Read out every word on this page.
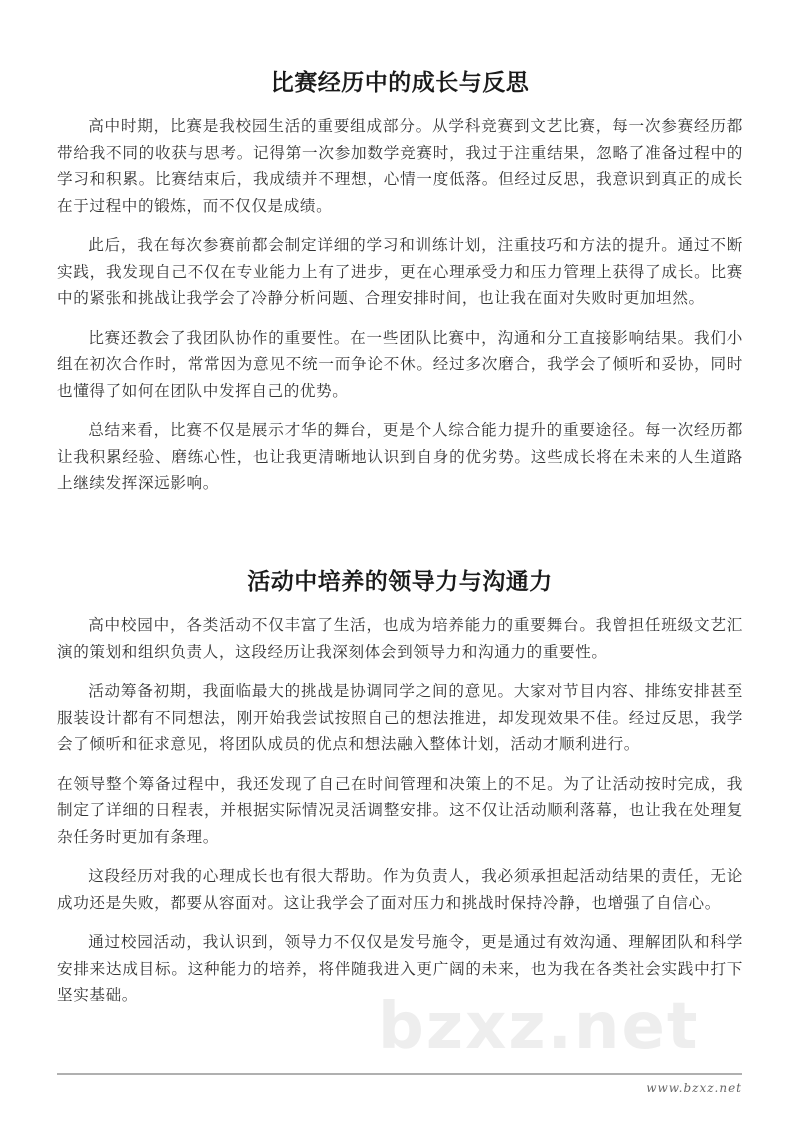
比赛经历中的成长与反思

高中时期，比赛是我校园生活的重要组成部分。从学科竞赛到文艺比赛，每一次参赛经历都带给我不同的收获与思考。记得第一次参加数学竞赛时，我过于注重结果，忽略了准备过程中的学习和积累。比赛结束后，我成绩并不理想，心情一度低落。但经过反思，我意识到真正的成长在于过程中的锻炼，而不仅仅是成绩。

此后，我在每次参赛前都会制定详细的学习和训练计划，注重技巧和方法的提升。通过不断实践，我发现自己不仅在专业能力上有了进步，更在心理承受力和压力管理上获得了成长。比赛中的紧张和挑战让我学会了冷静分析问题、合理安排时间，也让我在面对失败时更加坦然。

比赛还教会了我团队协作的重要性。在一些团队比赛中，沟通和分工直接影响结果。我们小组在初次合作时，常常因为意见不统一而争论不休。经过多次磨合，我学会了倾听和妥协，同时也懂得了如何在团队中发挥自己的优势。

总结来看，比赛不仅是展示才华的舞台，更是个人综合能力提升的重要途径。每一次经历都让我积累经验、磨练心性，也让我更清晰地认识到自身的优劣势。这些成长将在未来的人生道路上继续发挥深远影响。

活动中培养的领导力与沟通力

高中校园中，各类活动不仅丰富了生活，也成为培养能力的重要舞台。我曾担任班级文艺汇演的策划和组织负责人，这段经历让我深刻体会到领导力和沟通力的重要性。

活动筹备初期，我面临最大的挑战是协调同学之间的意见。大家对节目内容、排练安排甚至服装设计都有不同想法，刚开始我尝试按照自己的想法推进，却发现效果不佳。经过反思，我学会了倾听和征求意见，将团队成员的优点和想法融入整体计划，活动才顺利进行。

在领导整个筹备过程中，我还发现了自己在时间管理和决策上的不足。为了让活动按时完成，我制定了详细的日程表，并根据实际情况灵活调整安排。这不仅让活动顺利落幕，也让我在处理复杂任务时更加有条理。

这段经历对我的心理成长也有很大帮助。作为负责人，我必须承担起活动结果的责任，无论成功还是失败，都要从容面对。这让我学会了面对压力和挑战时保持冷静，也增强了自信心。

通过校园活动，我认识到，领导力不仅仅是发号施令，更是通过有效沟通、理解团队和科学安排来达成目标。这种能力的培养，将伴随我进入更广阔的未来，也为我在各类社会实践中打下坚实基础。	bzxz.net
www.bzxz.net
